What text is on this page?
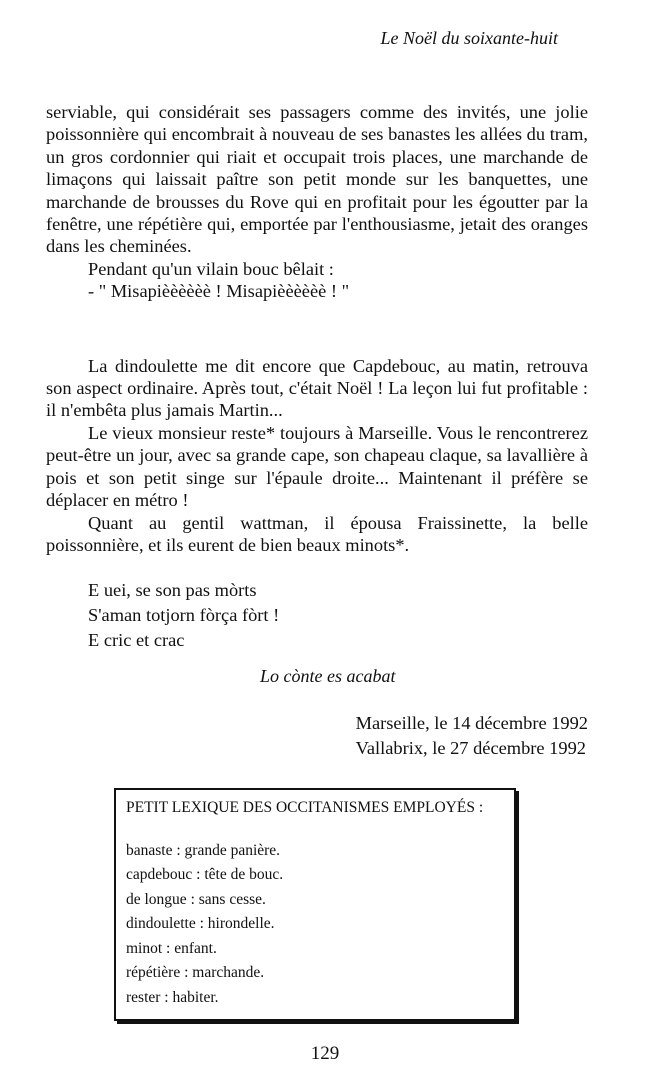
Le Noël du soixante-huit

serviable, qui considérait ses passagers comme des invités, une jolie poissonnière qui encombrait à nouveau de ses banastes les allées du tram, un gros cordonnier qui riait et occupait trois places, une marchande de limaçons qui laissait paître son petit monde sur les banquettes, une marchande de brousses du Rove qui en profitait pour les égoutter par la fenêtre, une répétière qui, emportée par l'enthousiasme, jetait des oranges dans les cheminées.

Pendant qu'un vilain bouc bêlait :

- " Misapièèèèèè ! Misapièèèèèè ! "

La dindoulette me dit encore que Capdebouc, au matin, retrouva son aspect ordinaire. Après tout, c'était Noël ! La leçon lui fut profitable : il n'embêta plus jamais Martin...

Le vieux monsieur reste* toujours à Marseille. Vous le rencontrerez peut-être un jour, avec sa grande cape, son chapeau claque, sa lavallière à pois et son petit singe sur l'épaule droite... Maintenant il préfère se déplacer en métro !

Quant au gentil wattman, il épousa Fraissinette, la belle poissonnière, et ils eurent de bien beaux minots*.

E uei, se son pas mòrts
S'aman totjorn fòrça fòrt !
E cric et crac
Lo cònte es acabat
Marseille, le 14 décembre 1992
Vallabrix, le 27 décembre 1992
PETIT LEXIQUE DES OCCITANISMES EMPLOYÉS :
banaste : grande panière.
capdebouc : tête de bouc.
de longue : sans cesse.
dindoulette : hirondelle.
minot : enfant.
répétière : marchande.
rester : habiter.
129
